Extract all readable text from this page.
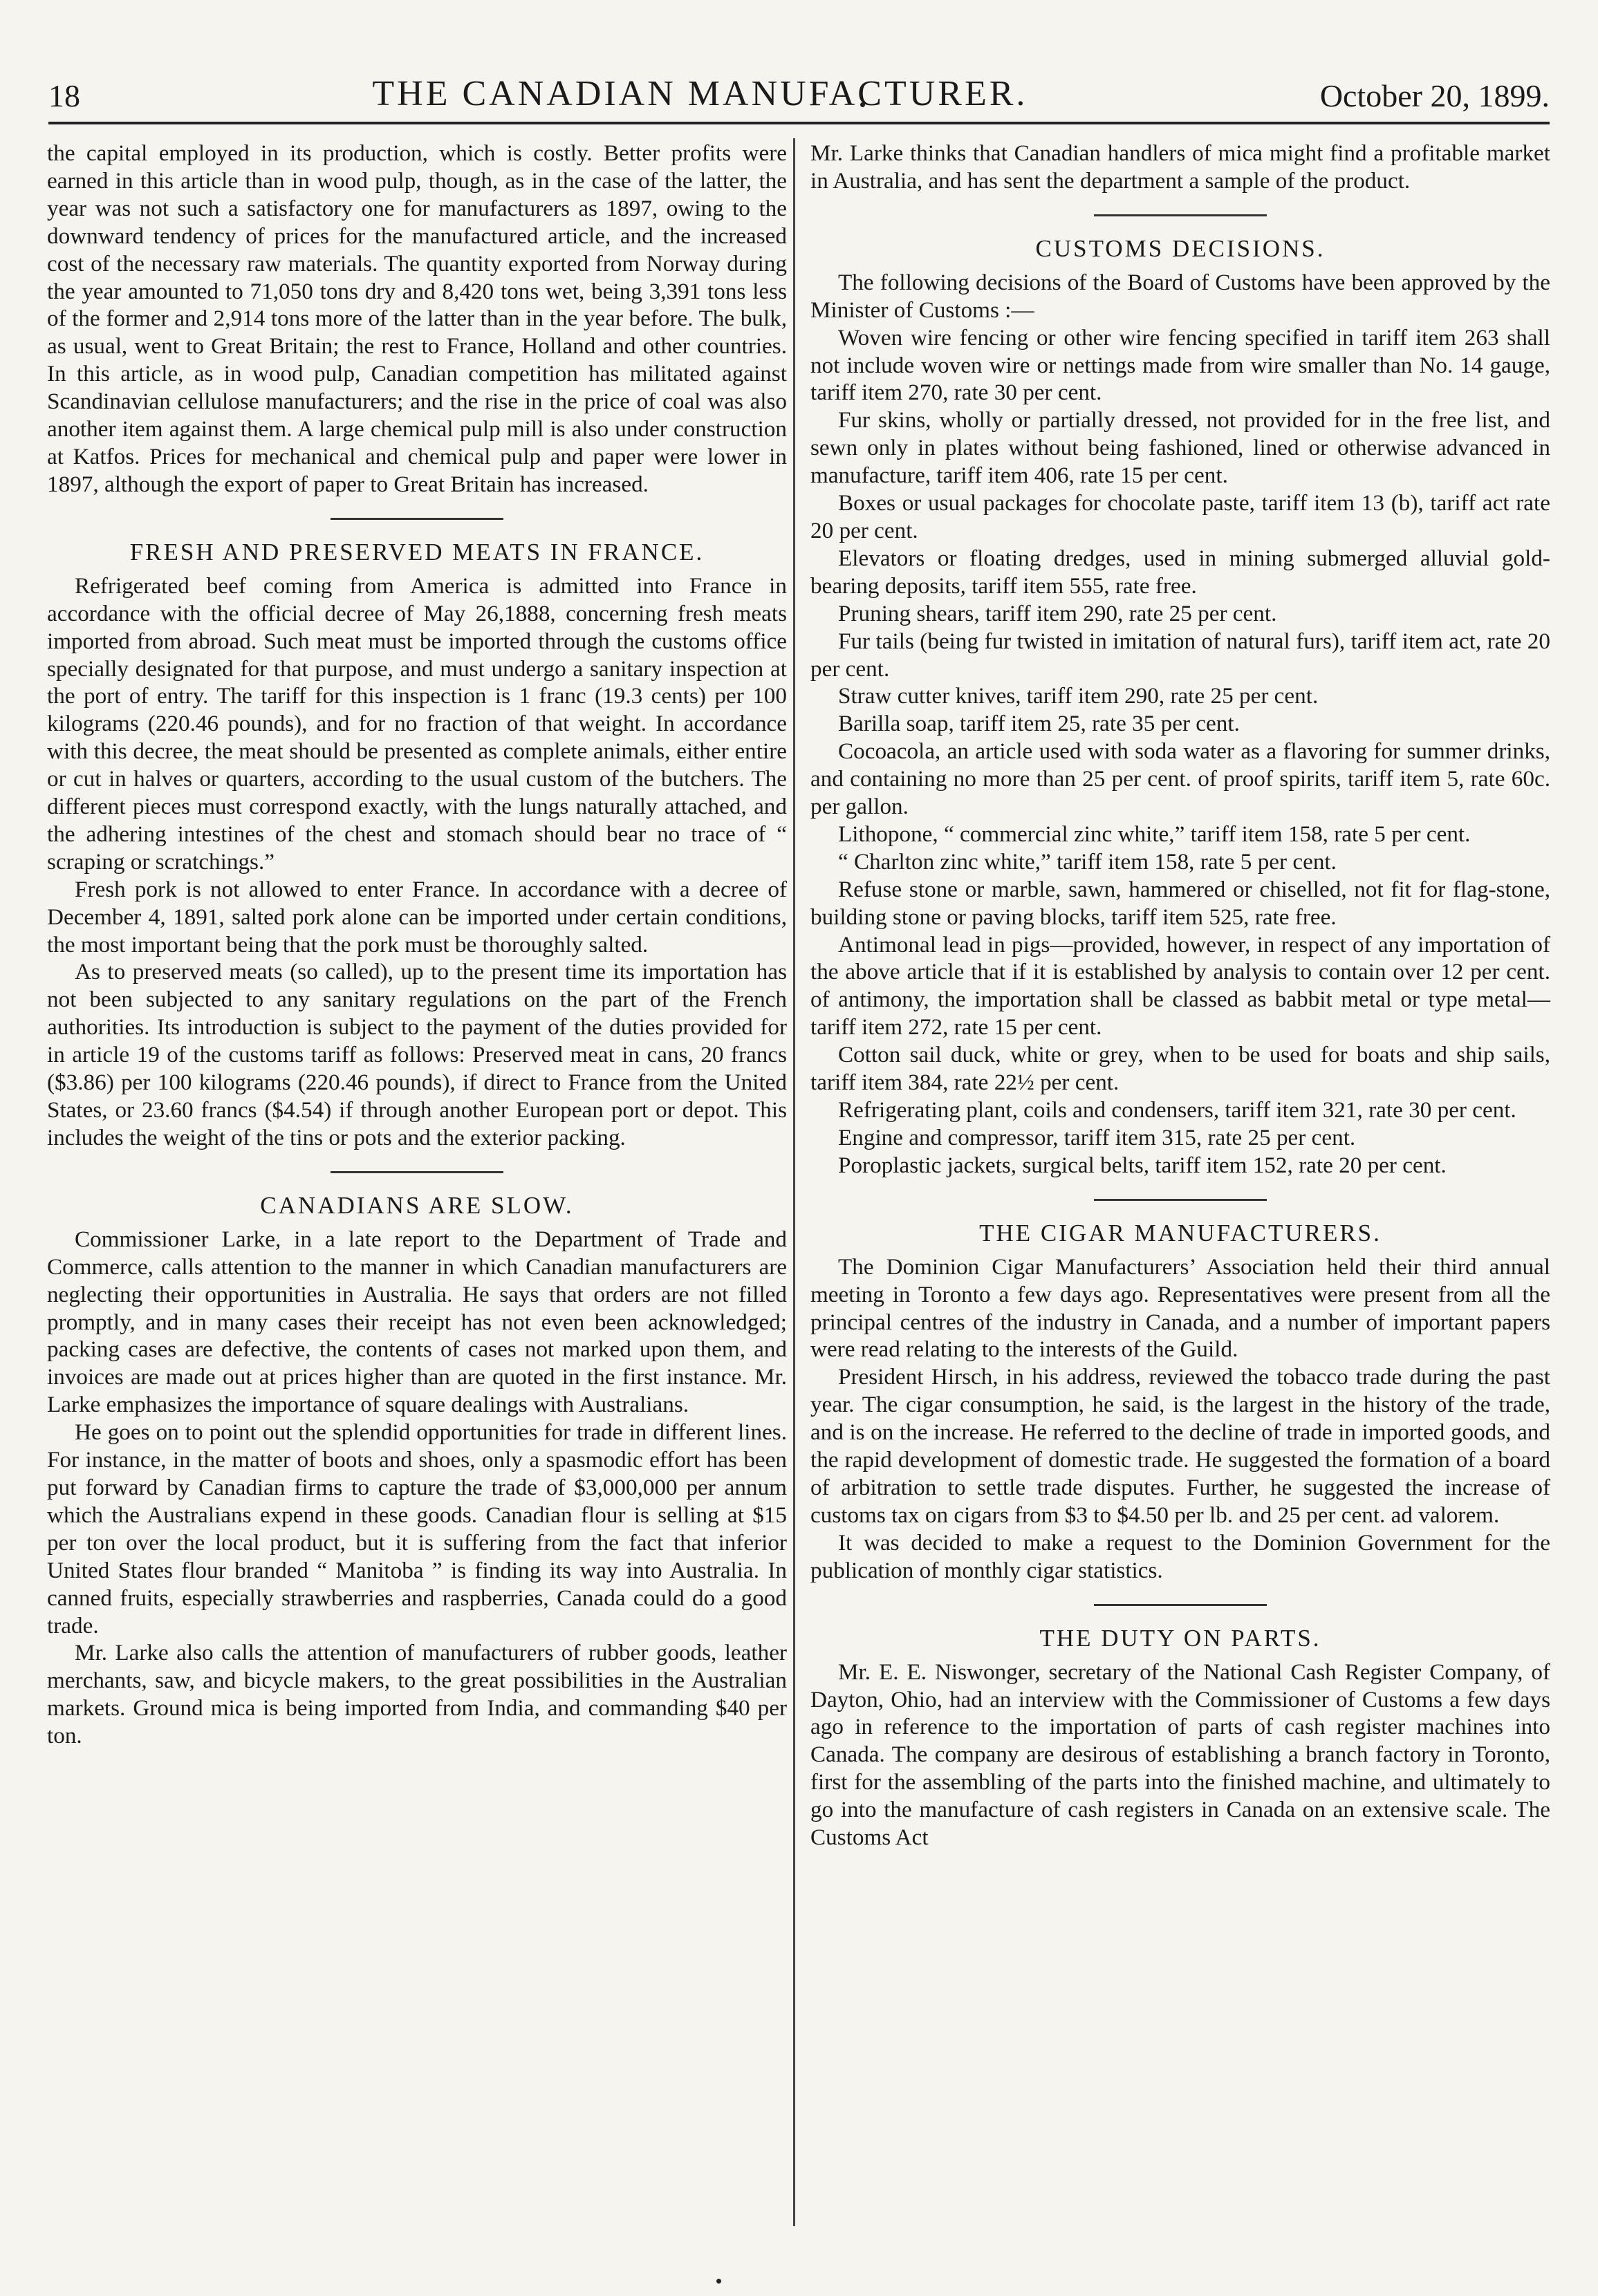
18	THE CANADIAN MANUFACTURER.	October 20, 1899.

the capital employed in its production, which is costly. Better profits were earned in this article than in wood pulp, though, as in the case of the latter, the year was not such a satisfactory one for manufacturers as 1897, owing to the downward tendency of prices for the manufactured article, and the increased cost of the necessary raw materials. The quantity exported from Norway during the year amounted to 71,050 tons dry and 8,420 tons wet, being 3,391 tons less of the former and 2,914 tons more of the latter than in the year before. The bulk, as usual, went to Great Britain; the rest to France, Holland and other countries. In this article, as in wood pulp, Canadian competition has militated against Scandinavian cellulose manufacturers; and the rise in the price of coal was also another item against them. A large chemical pulp mill is also under construction at Katfos. Prices for mechanical and chemical pulp and paper were lower in 1897, although the export of paper to Great Britain has increased.

FRESH AND PRESERVED MEATS IN FRANCE.

Refrigerated beef coming from America is admitted into France in accordance with the official decree of May 26,1888, concerning fresh meats imported from abroad. Such meat must be imported through the customs office specially designated for that purpose, and must undergo a sanitary inspection at the port of entry. The tariff for this inspection is 1 franc (19.3 cents) per 100 kilograms (220.46 pounds), and for no fraction of that weight. In accordance with this decree, the meat should be presented as complete animals, either entire or cut in halves or quarters, according to the usual custom of the butchers. The different pieces must correspond exactly, with the lungs naturally attached, and the adhering intestines of the chest and stomach should bear no trace of “ scraping or scratchings.”

Fresh pork is not allowed to enter France. In accordance with a decree of December 4, 1891, salted pork alone can be imported under certain conditions, the most important being that the pork must be thoroughly salted.

As to preserved meats (so called), up to the present time its importation has not been subjected to any sanitary regulations on the part of the French authorities. Its introduction is subject to the payment of the duties provided for in article 19 of the customs tariff as follows: Preserved meat in cans, 20 francs ($3.86) per 100 kilograms (220.46 pounds), if direct to France from the United States, or 23.60 francs ($4.54) if through another European port or depot. This includes the weight of the tins or pots and the exterior packing.

CANADIANS ARE SLOW.

Commissioner Larke, in a late report to the Department of Trade and Commerce, calls attention to the manner in which Canadian manufacturers are neglecting their opportunities in Australia. He says that orders are not filled promptly, and in many cases their receipt has not even been acknowledged; packing cases are defective, the contents of cases not marked upon them, and invoices are made out at prices higher than are quoted in the first instance. Mr. Larke emphasizes the importance of square dealings with Australians.

He goes on to point out the splendid opportunities for trade in different lines. For instance, in the matter of boots and shoes, only a spasmodic effort has been put forward by Canadian firms to capture the trade of $3,000,000 per annum which the Australians expend in these goods. Canadian flour is selling at $15 per ton over the local product, but it is suffering from the fact that inferior United States flour branded “ Manitoba ” is finding its way into Australia. In canned fruits, especially strawberries and raspberries, Canada could do a good trade.

Mr. Larke also calls the attention of manufacturers of rubber goods, leather merchants, saw, and bicycle makers, to the great possibilities in the Australian markets. Ground mica is being imported from India, and commanding $40 per ton.

Mr. Larke thinks that Canadian handlers of mica might find a profitable market in Australia, and has sent the department a sample of the product.

CUSTOMS DECISIONS.

The following decisions of the Board of Customs have been approved by the Minister of Customs :—

Woven wire fencing or other wire fencing specified in tariff item 263 shall not include woven wire or nettings made from wire smaller than No. 14 gauge, tariff item 270, rate 30 per cent.

Fur skins, wholly or partially dressed, not provided for in the free list, and sewn only in plates without being fashioned, lined or otherwise advanced in manufacture, tariff item 406, rate 15 per cent.

Boxes or usual packages for chocolate paste, tariff item 13 (b), tariff act rate 20 per cent.

Elevators or floating dredges, used in mining submerged alluvial gold-bearing deposits, tariff item 555, rate free.

Pruning shears, tariff item 290, rate 25 per cent.

Fur tails (being fur twisted in imitation of natural furs), tariff item act, rate 20 per cent.

Straw cutter knives, tariff item 290, rate 25 per cent.

Barilla soap, tariff item 25, rate 35 per cent.

Cocoacola, an article used with soda water as a flavoring for summer drinks, and containing no more than 25 per cent. of proof spirits, tariff item 5, rate 60c. per gallon.

Lithopone, “ commercial zinc white,” tariff item 158, rate 5 per cent.

“ Charlton zinc white,” tariff item 158, rate 5 per cent.

Refuse stone or marble, sawn, hammered or chiselled, not fit for flag-stone, building stone or paving blocks, tariff item 525, rate free.

Antimonal lead in pigs—provided, however, in respect of any importation of the above article that if it is established by analysis to contain over 12 per cent. of antimony, the importation shall be classed as babbit metal or type metal—tariff item 272, rate 15 per cent.

Cotton sail duck, white or grey, when to be used for boats and ship sails, tariff item 384, rate 22½ per cent.

Refrigerating plant, coils and condensers, tariff item 321, rate 30 per cent.

Engine and compressor, tariff item 315, rate 25 per cent.

Poroplastic jackets, surgical belts, tariff item 152, rate 20 per cent.

THE CIGAR MANUFACTURERS.

The Dominion Cigar Manufacturers’ Association held their third annual meeting in Toronto a few days ago. Representatives were present from all the principal centres of the industry in Canada, and a number of important papers were read relating to the interests of the Guild.

President Hirsch, in his address, reviewed the tobacco trade during the past year. The cigar consumption, he said, is the largest in the history of the trade, and is on the increase. He referred to the decline of trade in imported goods, and the rapid development of domestic trade. He suggested the formation of a board of arbitration to settle trade disputes. Further, he suggested the increase of customs tax on cigars from $3 to $4.50 per lb. and 25 per cent. ad valorem.

It was decided to make a request to the Dominion Government for the publication of monthly cigar statistics.

THE DUTY ON PARTS.

Mr. E. E. Niswonger, secretary of the National Cash Register Company, of Dayton, Ohio, had an interview with the Commissioner of Customs a few days ago in reference to the importation of parts of cash register machines into Canada. The company are desirous of establishing a branch factory in Toronto, first for the assembling of the parts into the finished machine, and ultimately to go into the manufacture of cash registers in Canada on an extensive scale. The Customs Act
